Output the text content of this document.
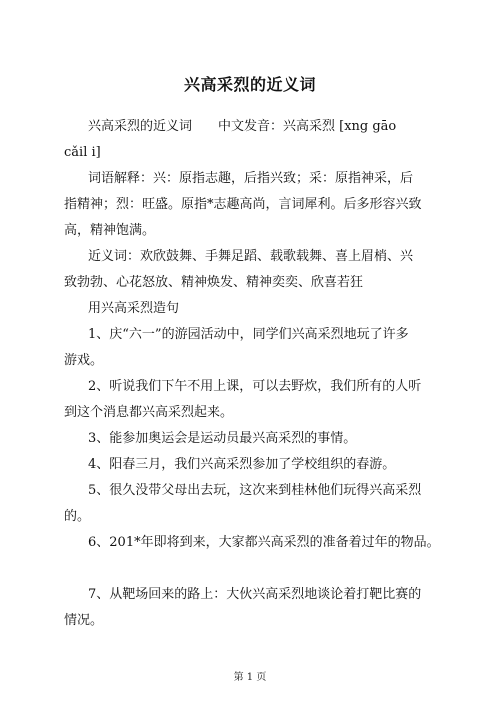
兴高采烈的近义词
兴高采烈的近义词　　中文发音：兴高采烈 [xng gāo
cǎil i]
词语解释：兴：原指志趣，后指兴致；采：原指神采，后
指精神；烈：旺盛。原指*志趣高尚，言词犀利。后多形容兴致
高，精神饱满。
近义词：欢欣鼓舞、手舞足蹈、载歌载舞、喜上眉梢、兴
致勃勃、心花怒放、精神焕发、精神奕奕、欣喜若狂
用兴高采烈造句
1、庆“六一”的游园活动中，同学们兴高采烈地玩了许多
游戏。
2、听说我们下午不用上课，可以去野炊，我们所有的人听
到这个消息都兴高采烈起来。
3、能参加奥运会是运动员最兴高采烈的事情。
4、阳春三月，我们兴高采烈参加了学校组织的春游。
5、很久没带父母出去玩，这次来到桂林他们玩得兴高采烈
的。
6、201*年即将到来，大家都兴高采烈的准备着过年的物品。
7、从靶场回来的路上：大伙兴高采烈地谈论着打靶比赛的
情况。
第 1 页
